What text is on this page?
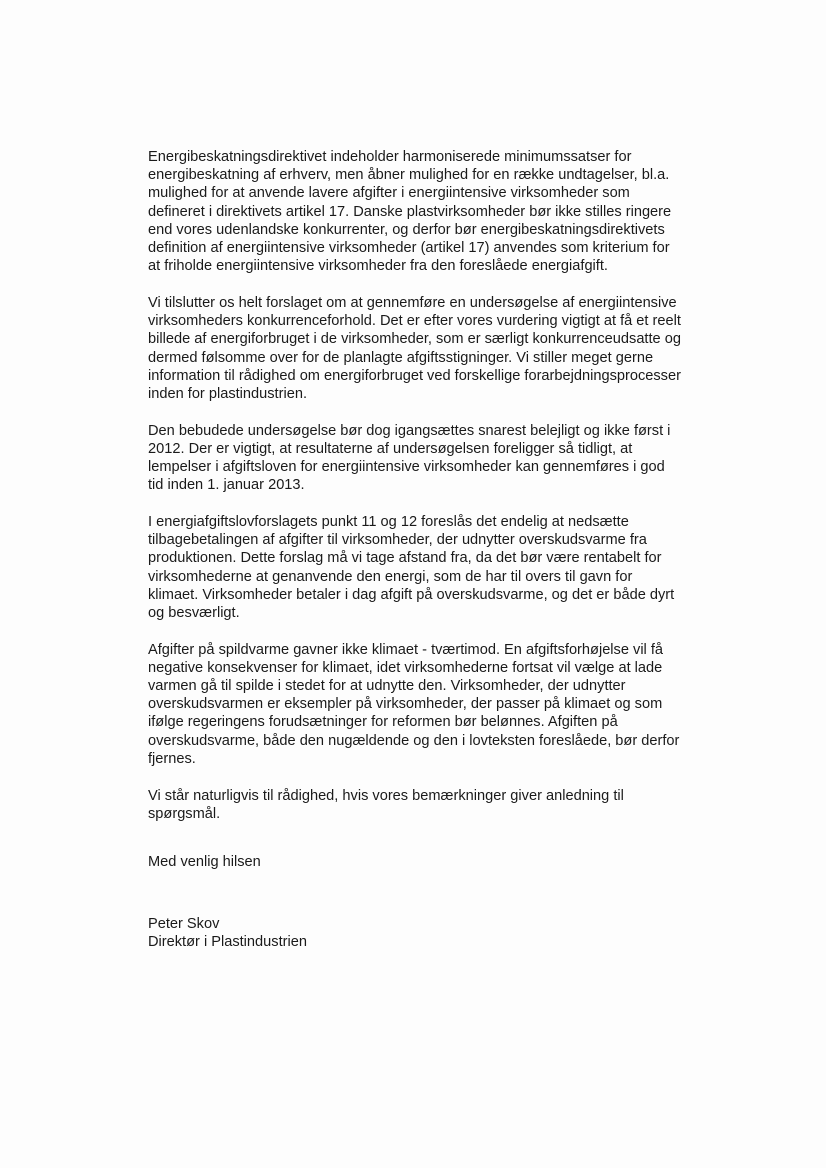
Energibeskatningsdirektivet indeholder harmoniserede minimumssatser for
energibeskatning af erhverv, men åbner mulighed for en række undtagelser, bl.a.
mulighed for at anvende lavere afgifter i energiintensive virksomheder som
defineret i direktivets artikel 17. Danske plastvirksomheder bør ikke stilles ringere
end vores udenlandske konkurrenter, og derfor bør energibeskatningsdirektivets
definition af energiintensive virksomheder (artikel 17) anvendes som kriterium for
at friholde energiintensive virksomheder fra den foreslåede energiafgift.

Vi tilslutter os helt forslaget om at gennemføre en undersøgelse af energiintensive
virksomheders konkurrenceforhold. Det er efter vores vurdering vigtigt at få et reelt
billede af energiforbruget i de virksomheder, som er særligt konkurrenceudsatte og
dermed følsomme over for de planlagte afgiftsstigninger. Vi stiller meget gerne
information til rådighed om energiforbruget ved forskellige forarbejdningsprocesser
inden for plastindustrien.

Den bebudede undersøgelse bør dog igangsættes snarest belejligt og ikke først i
2012. Der er vigtigt, at resultaterne af undersøgelsen foreligger så tidligt, at
lempelser i afgiftsloven for energiintensive virksomheder kan gennemføres i god
tid inden 1. januar 2013.

I energiafgiftslovforslagets punkt 11 og 12 foreslås det endelig at nedsætte
tilbagebetalingen af afgifter til virksomheder, der udnytter overskudsvarme fra
produktionen. Dette forslag må vi tage afstand fra, da det bør være rentabelt for
virksomhederne at genanvende den energi, som de har til overs til gavn for
klimaet. Virksomheder betaler i dag afgift på overskudsvarme, og det er både dyrt
og besværligt.

Afgifter på spildvarme gavner ikke klimaet - tværtimod. En afgiftsforhøjelse vil få
negative konsekvenser for klimaet, idet virksomhederne fortsat vil vælge at lade
varmen gå til spilde i stedet for at udnytte den. Virksomheder, der udnytter
overskudsvarmen er eksempler på virksomheder, der passer på klimaet og som
ifølge regeringens forudsætninger for reformen bør belønnes. Afgiften på
overskudsvarme, både den nugældende og den i lovteksten foreslåede, bør derfor
fjernes.

Vi står naturligvis til rådighed, hvis vores bemærkninger giver anledning til
spørgsmål.

Med venlig hilsen

Peter Skov
Direktør i Plastindustrien
